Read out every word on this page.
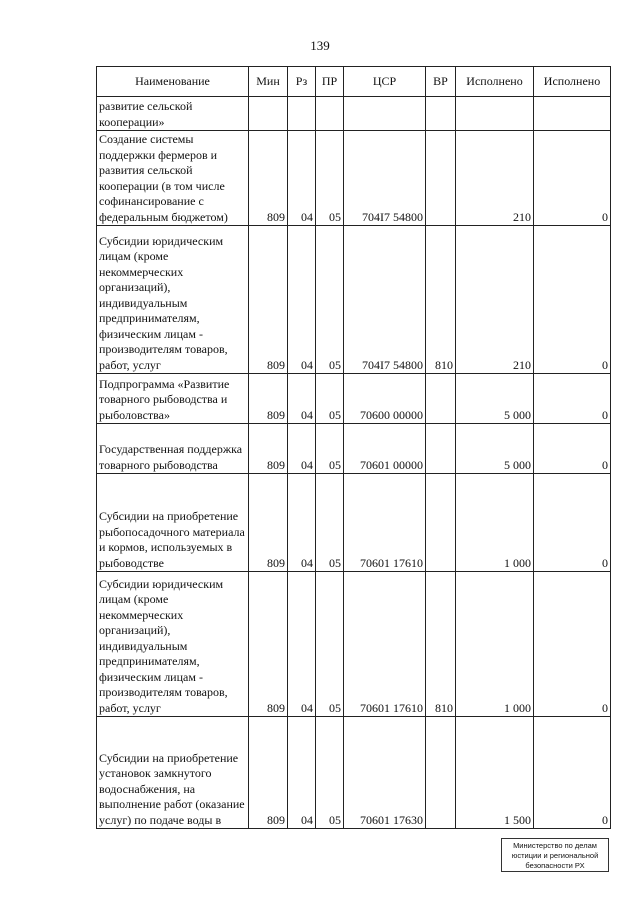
139
Наименование	Мин	Рз	ПР	ЦСР	ВР	Исполнено	Исполнено
развитие сельской кооперации»							
Создание системы поддержки фермеров и развития сельской кооперации (в том числе софинансирование с федеральным бюджетом)	809	04	05	704I7 54800		210	0
Субсидии юридическим лицам (кроме некоммерческих организаций), индивидуальным предпринимателям, физическим лицам - производителям товаров, работ, услуг	809	04	05	704I7 54800	810	210	0
Подпрограмма «Развитие товарного рыбоводства и рыболовства»	809	04	05	70600 00000		5 000	0
Государственная поддержка товарного рыбоводства	809	04	05	70601 00000		5 000	0
Субсидии на приобретение рыбопосадочного материала и кормов, используемых в рыбоводстве	809	04	05	70601 17610		1 000	0
Субсидии юридическим лицам (кроме некоммерческих организаций), индивидуальным предпринимателям, физическим лицам - производителям товаров, работ, услуг	809	04	05	70601 17610	810	1 000	0
Субсидии на приобретение установок замкнутого водоснабжения, на выполнение работ (оказание услуг) по подаче воды в	809	04	05	70601 17630		1 500	0
Министерство по делам
юстиции и региональной
безопасности РХ
